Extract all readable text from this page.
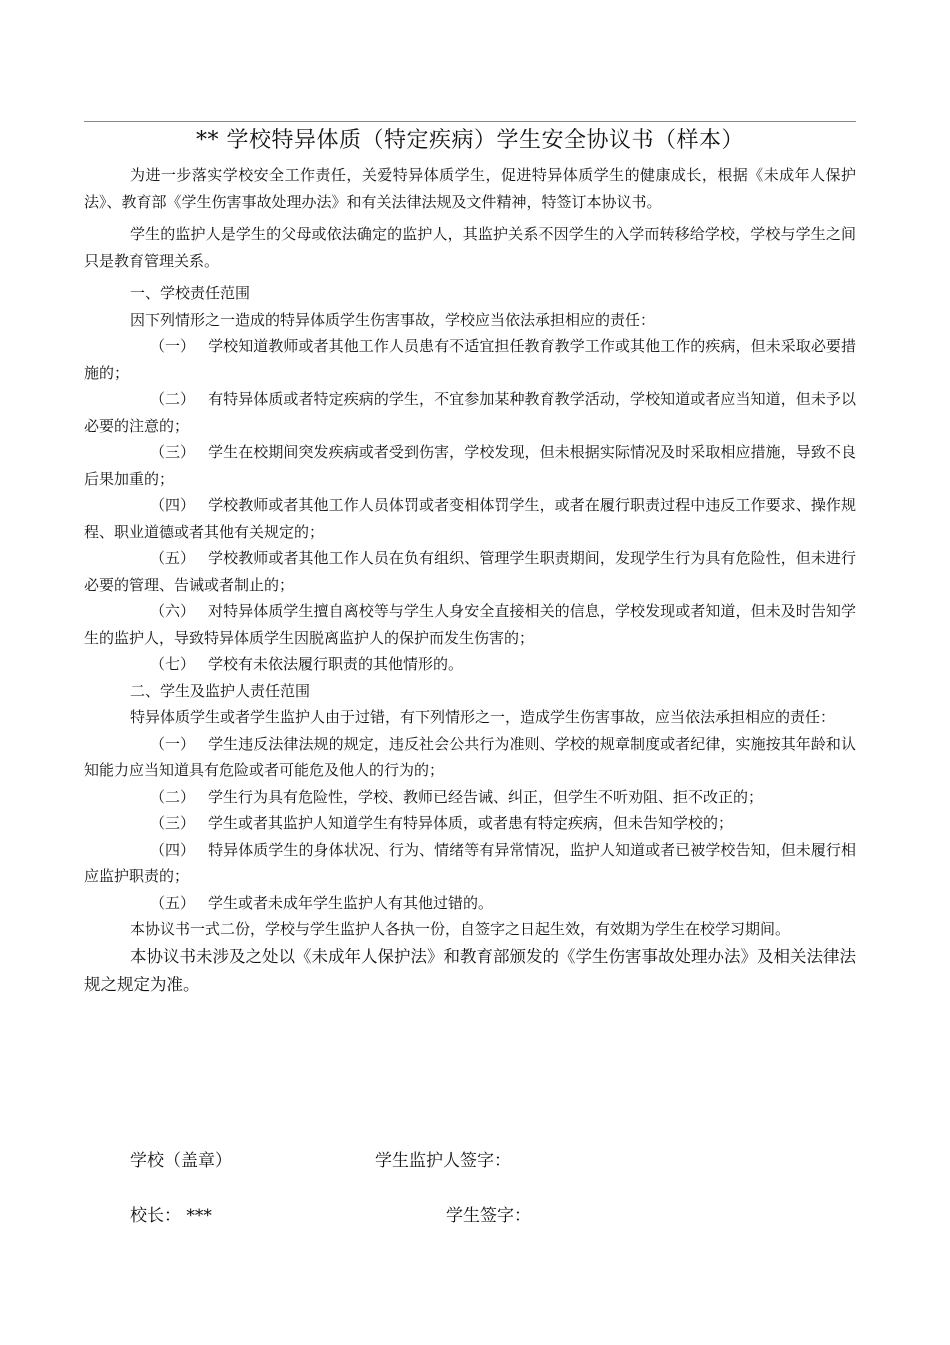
** 学校特异体质（特定疾病）学生安全协议书（样本）

为进一步落实学校安全工作责任，关爱特异体质学生，促进特异体质学生的健康成长，根据《未成年人保护法》、教育部《学生伤害事故处理办法》和有关法律法规及文件精神，特签订本协议书。

学生的监护人是学生的父母或依法确定的监护人，其监护关系不因学生的入学而转移给学校，学校与学生之间只是教育管理关系。

一、学校责任范围

因下列情形之一造成的特异体质学生伤害事故，学校应当依法承担相应的责任：

（一） 学校知道教师或者其他工作人员患有不适宜担任教育教学工作或其他工作的疾病，但未采取必要措施的；

（二） 有特异体质或者特定疾病的学生，不宜参加某种教育教学活动，学校知道或者应当知道，但未予以必要的注意的；

（三） 学生在校期间突发疾病或者受到伤害，学校发现，但未根据实际情况及时采取相应措施，导致不良后果加重的；

（四） 学校教师或者其他工作人员体罚或者变相体罚学生，或者在履行职责过程中违反工作要求、操作规程、职业道德或者其他有关规定的；

（五） 学校教师或者其他工作人员在负有组织、管理学生职责期间，发现学生行为具有危险性，但未进行必要的管理、告诫或者制止的；

（六） 对特异体质学生擅自离校等与学生人身安全直接相关的信息，学校发现或者知道，但未及时告知学生的监护人，导致特异体质学生因脱离监护人的保护而发生伤害的；

（七） 学校有未依法履行职责的其他情形的。

二、学生及监护人责任范围

特异体质学生或者学生监护人由于过错，有下列情形之一，造成学生伤害事故，应当依法承担相应的责任：

（一） 学生违反法律法规的规定，违反社会公共行为准则、学校的规章制度或者纪律，实施按其年龄和认知能力应当知道具有危险或者可能危及他人的行为的；

（二） 学生行为具有危险性，学校、教师已经告诫、纠正，但学生不听劝阻、拒不改正的；

（三） 学生或者其监护人知道学生有特异体质，或者患有特定疾病，但未告知学校的；

（四） 特异体质学生的身体状况、行为、情绪等有异常情况，监护人知道或者已被学校告知，但未履行相应监护职责的；

（五） 学生或者未成年学生监护人有其他过错的。

本协议书一式二份，学校与学生监护人各执一份，自签字之日起生效，有效期为学生在校学习期间。

本协议书未涉及之处以《未成年人保护法》和教育部颁发的《学生伤害事故处理办法》及相关法律法规之规定为准。

学校（盖章）	学生监护人签字：
校长： ***	学生签字：
